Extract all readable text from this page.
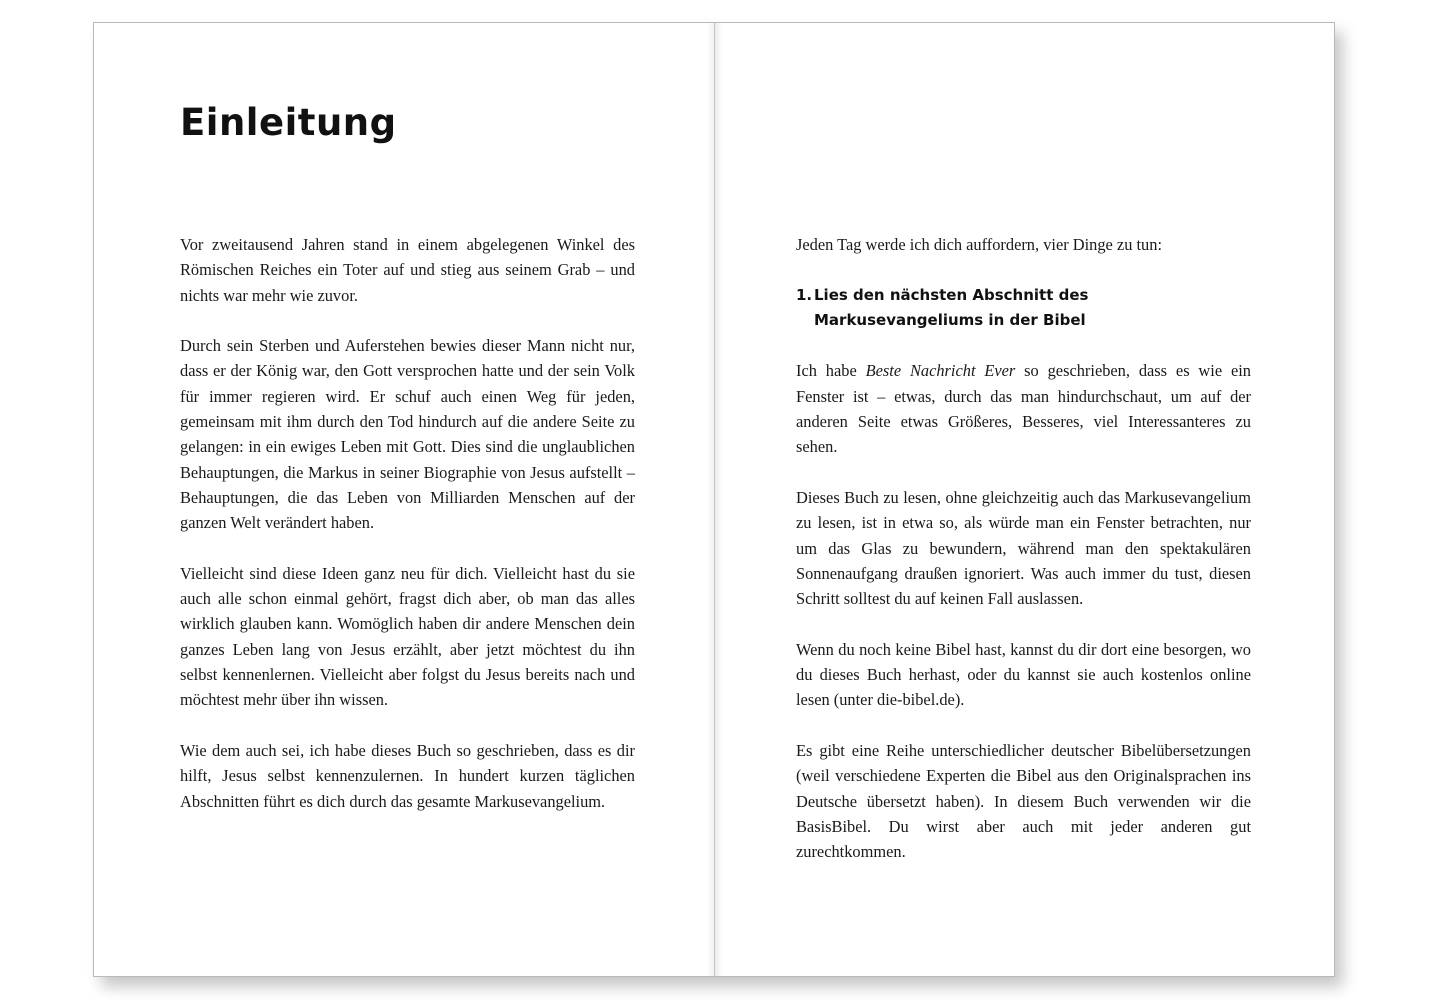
Einleitung

Vor zweitausend Jahren stand in einem abgelegenen Winkel des Römischen Reiches ein Toter auf und stieg aus seinem Grab – und nichts war mehr wie zuvor.

Durch sein Sterben und Auferstehen bewies dieser Mann nicht nur, dass er der König war, den Gott versprochen hatte und der sein Volk für immer regieren wird. Er schuf auch einen Weg für jeden, gemeinsam mit ihm durch den Tod hindurch auf die andere Seite zu gelangen: in ein ewiges Leben mit Gott. Dies sind die unglaublichen Behauptungen, die Markus in seiner Biographie von Jesus aufstellt – Behauptungen, die das Leben von Milliarden Menschen auf der ganzen Welt verändert haben.

Vielleicht sind diese Ideen ganz neu für dich. Vielleicht hast du sie auch alle schon einmal gehört, fragst dich aber, ob man das alles wirklich glauben kann. Womöglich haben dir andere Menschen dein ganzes Leben lang von Jesus erzählt, aber jetzt möchtest du ihn selbst kennenlernen. Vielleicht aber folgst du Jesus bereits nach und möchtest mehr über ihn wissen.

Wie dem auch sei, ich habe dieses Buch so geschrieben, dass es dir hilft, Jesus selbst kennenzulernen. In hundert kurzen täglichen Abschnitten führt es dich durch das gesamte Markusevangelium.

Jeden Tag werde ich dich auffordern, vier Dinge zu tun:

1. Lies den nächsten Abschnitt des Markusevangeliums in der Bibel

Ich habe Beste Nachricht Ever so geschrieben, dass es wie ein Fenster ist – etwas, durch das man hindurchschaut, um auf der anderen Seite etwas Größeres, Besseres, viel Interessanteres zu sehen.

Dieses Buch zu lesen, ohne gleichzeitig auch das Markusevangelium zu lesen, ist in etwa so, als würde man ein Fenster betrachten, nur um das Glas zu bewundern, während man den spektakulären Sonnenaufgang draußen ignoriert. Was auch immer du tust, diesen Schritt solltest du auf keinen Fall auslassen.

Wenn du noch keine Bibel hast, kannst du dir dort eine besorgen, wo du dieses Buch herhast, oder du kannst sie auch kostenlos online lesen (unter die-bibel.de).

Es gibt eine Reihe unterschiedlicher deutscher Bibelübersetzungen (weil verschiedene Experten die Bibel aus den Originalsprachen ins Deutsche übersetzt haben). In diesem Buch verwenden wir die BasisBibel. Du wirst aber auch mit jeder anderen gut zurechtkommen.
